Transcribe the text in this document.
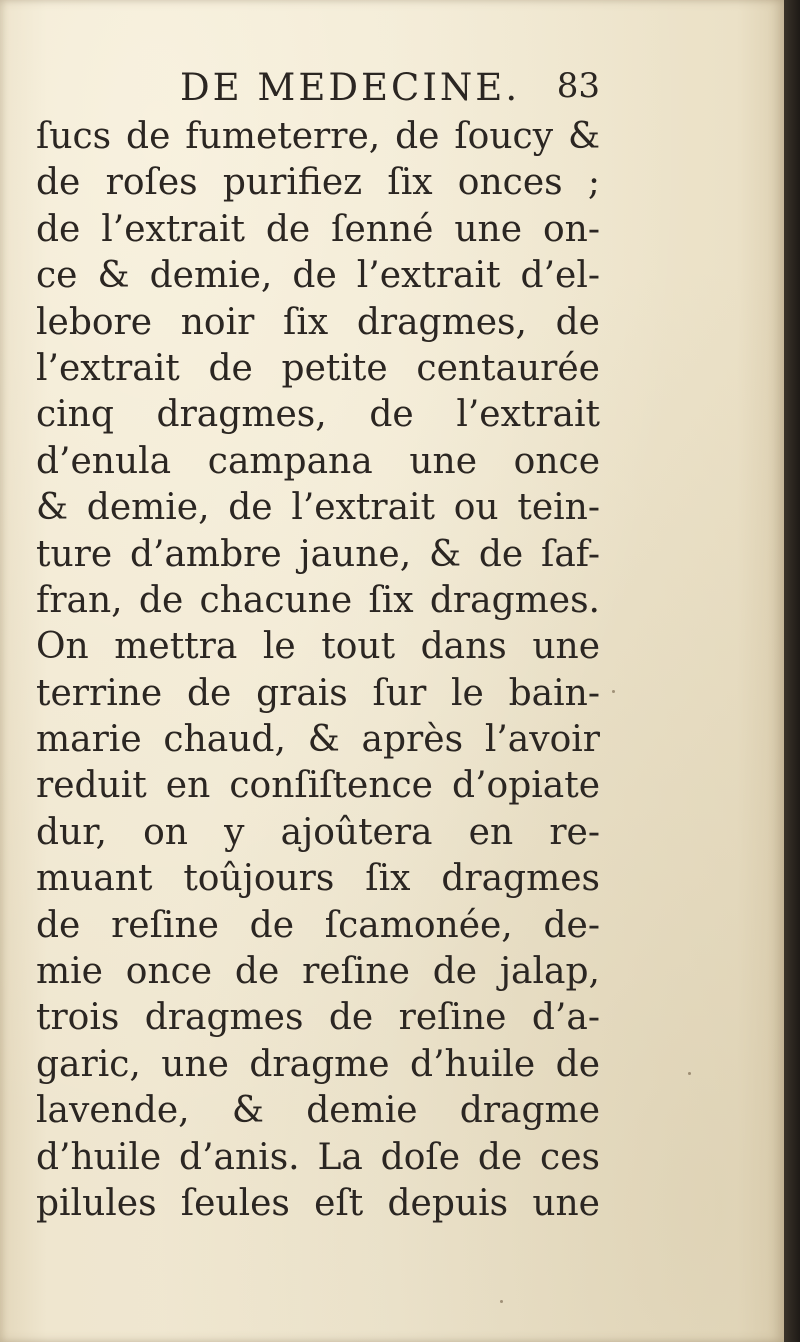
DE MEDECINE. 83
ſucs de fumeterre, de ſoucy &
de roſes purifiez ſix onces ;
de l’extrait de ſenné une on-
ce & demie, de l’extrait d’el-
lebore noir ſix dragmes, de
l’extrait de petite centaurée
cinq dragmes, de l’extrait
d’enula campana une once
& demie, de l’extrait ou tein-
ture d’ambre jaune, & de ſaf-
fran, de chacune ſix dragmes.
On mettra le tout dans une
terrine de grais ſur le bain-
marie chaud, & après l’avoir
reduit en conſiſtence d’opiate
dur, on y ajoûtera en re-
muant toûjours ſix dragmes
de reſine de ſcamonée, de-
mie once de reſine de jalap,
trois dragmes de reſine d’a-
garic, une dragme d’huile de
lavende, & demie dragme
d’huile d’anis. La doſe de ces
pilules ſeules eſt depuis une
